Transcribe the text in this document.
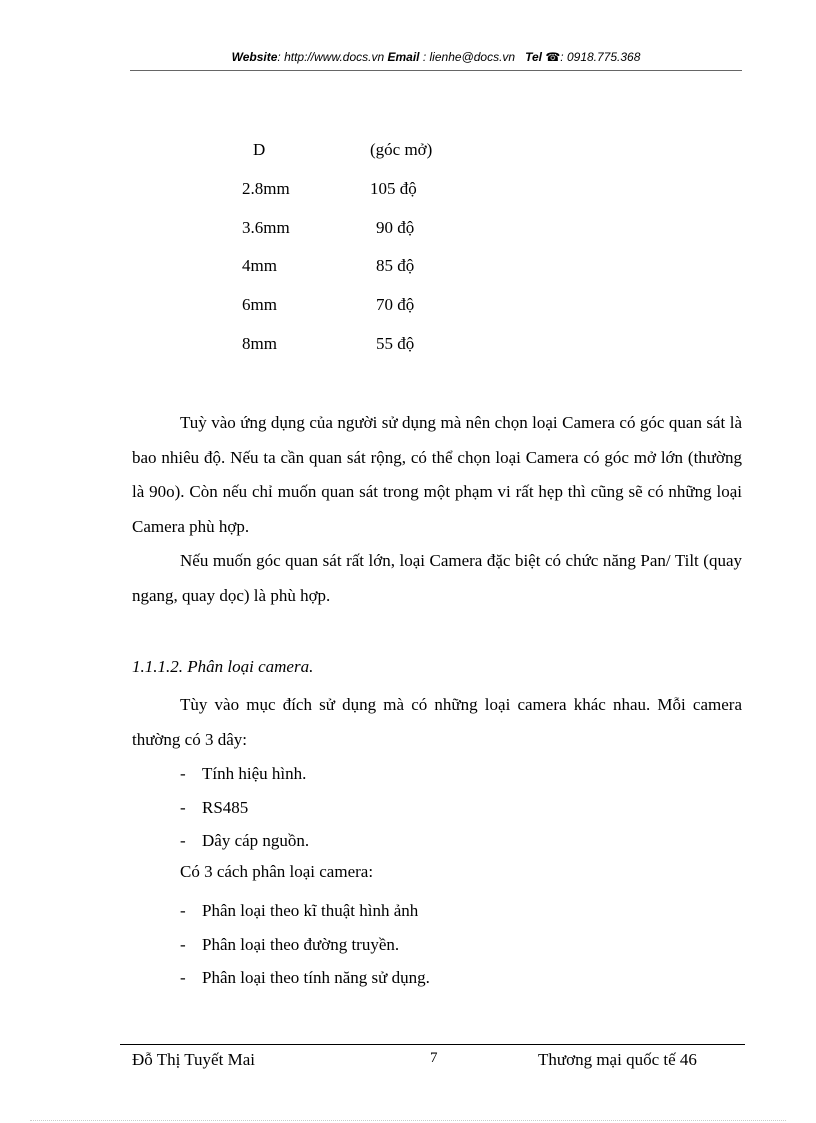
Website: http://www.docs.vn Email : lienhe@docs.vn Tel ☎: 0918.775.368
D	(góc mở)
2.8mm	105 độ
3.6mm	90 độ
4mm	85 độ
6mm	70 độ
8mm	55 độ

Tuỳ vào ứng dụng của người sử dụng mà nên chọn loại Camera có góc quan sát là bao nhiêu độ. Nếu ta cần quan sát rộng, có thể chọn loại Camera có góc mở lớn (thường là 90o). Còn nếu chỉ muốn quan sát trong một phạm vi rất hẹp thì cũng sẽ có những loại Camera phù hợp.

Nếu muốn góc quan sát rất lớn, loại Camera đặc biệt có chức năng Pan/ Tilt (quay ngang, quay dọc) là phù hợp.

1.1.1.2. Phân loại camera.

Tùy vào mục đích sử dụng mà có những loại camera khác nhau. Mỗi camera thường có 3 dây:

- Tính hiệu hình.
- RS485
- Dây cáp nguồn.
Có 3 cách phân loại camera:
- Phân loại theo kĩ thuật hình ảnh
- Phân loại theo đường truyền.
- Phân loại theo tính năng sử dụng.
Đỗ Thị Tuyết Mai	7	Thương mại quốc tế 46
